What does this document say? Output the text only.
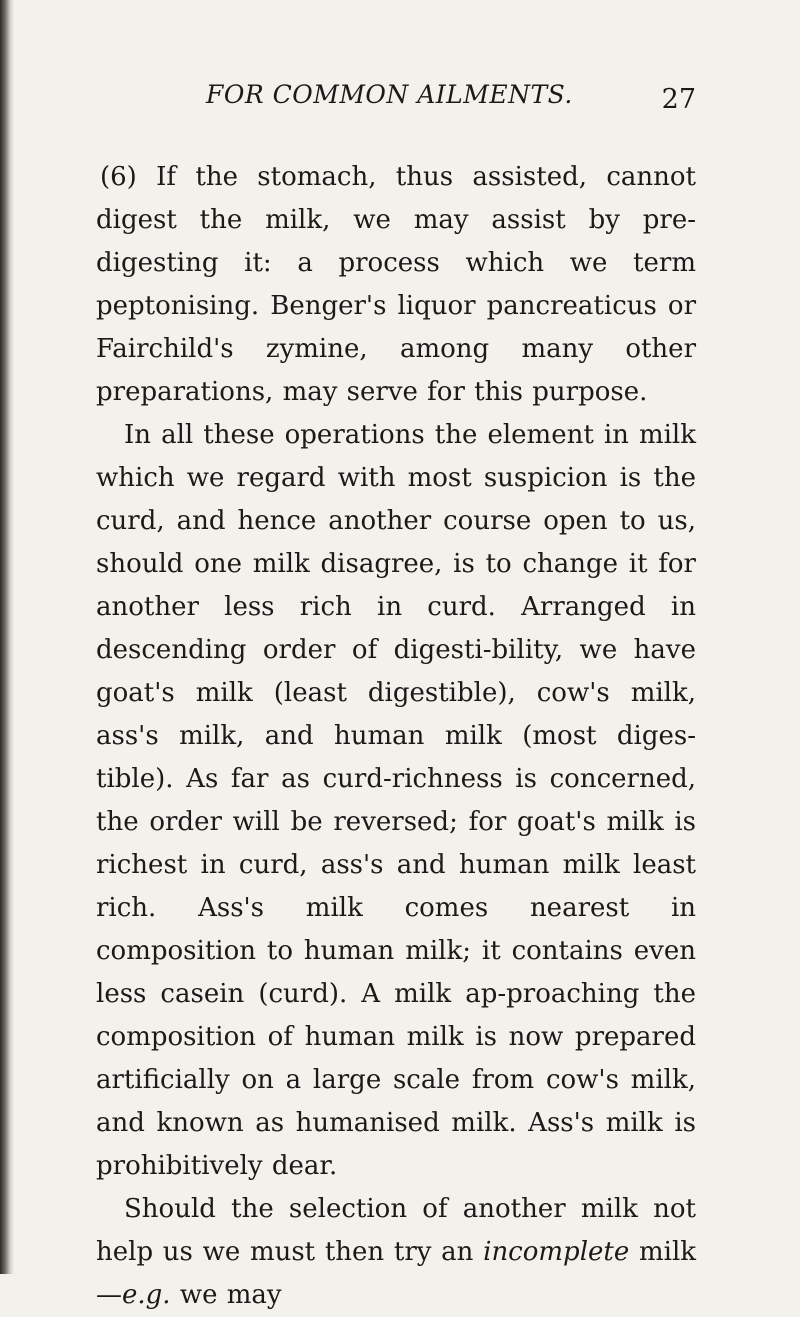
FOR COMMON AILMENTS.	27

(6) If the stomach, thus assisted, cannot digest the milk, we may assist by pre-digesting it: a process which we term peptonising. Benger's liquor pancreaticus or Fairchild's zymine, among many other preparations, may serve for this purpose.

In all these operations the element in milk which we regard with most suspicion is the curd, and hence another course open to us, should one milk disagree, is to change it for another less rich in curd. Arranged in descending order of digesti-bility, we have goat's milk (least digestible), cow's milk, ass's milk, and human milk (most diges-tible). As far as curd-richness is concerned, the order will be reversed; for goat's milk is richest in curd, ass's and human milk least rich. Ass's milk comes nearest in composition to human milk; it contains even less casein (curd). A milk ap-proaching the composition of human milk is now prepared artificially on a large scale from cow's milk, and known as humanised milk. Ass's milk is prohibitively dear.

Should the selection of another milk not help us we must then try an incomplete milk—e.g. we may
